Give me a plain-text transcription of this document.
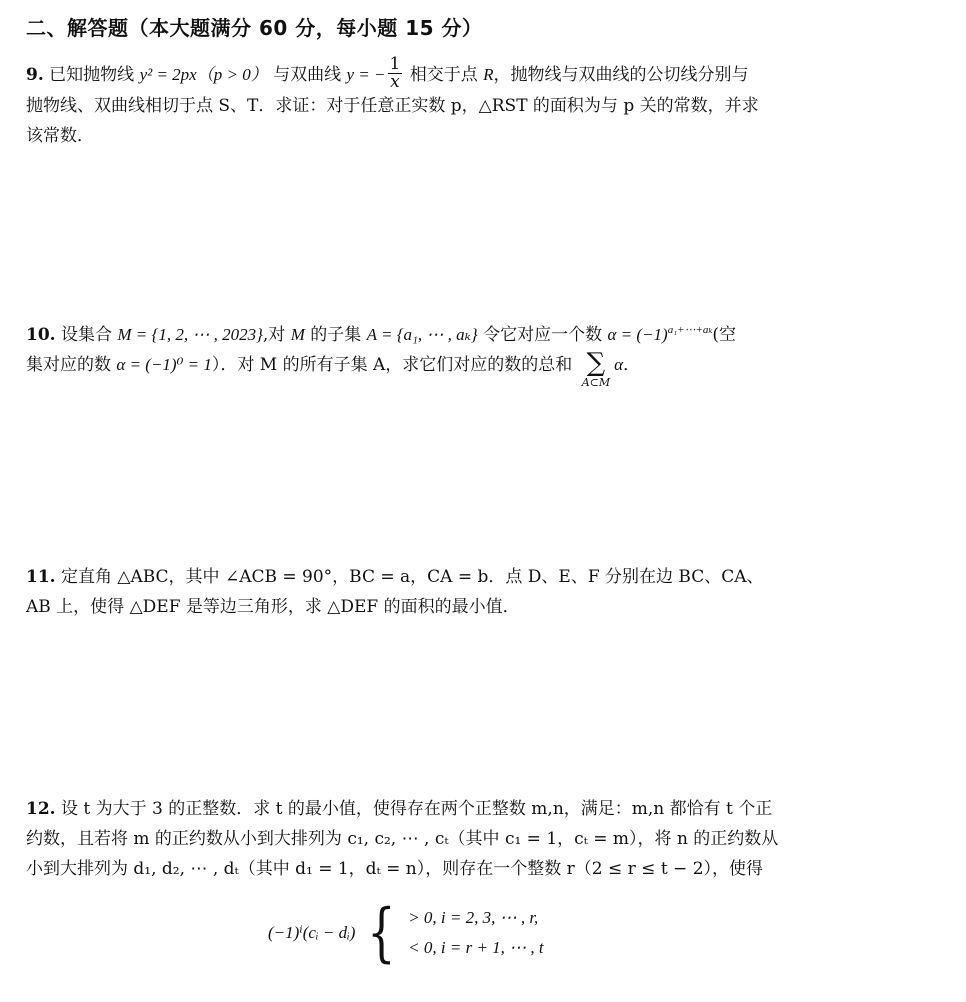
二、解答题（本大题满分 60 分，每小题 15 分）
9. 已知抛物线 y² = 2px（p > 0） 与双曲线 y = − $\frac{1}{x}$ 相交于点 R，抛物线与双曲线的公切线分别与
抛物线、双曲线相切于点 S、T．求证：对于任意正实数 p，△RST 的面积为与 p 关的常数，并求
该常数．
10. 设集合 M = {1, 2, ⋯ , 2023},对 M 的子集 A = {a₁, ⋯ , aₖ} 令它对应一个数 $\alpha = (-1)^{a_1+\cdots+a_k}$(空
集对应的数 α = (−1)⁰ = 1）．对 M 的所有子集 A，求它们对应的数的总和 ∑
A⊂M
α．
11. 定直角 △ABC，其中 ∠ACB = 90°，BC = a，CA = b．点 D、E、F 分别在边 BC、CA、
AB 上，使得 △DEF 是等边三角形，求 △DEF 的面积的最小值．
12. 设 t 为大于 3 的正整数．求 t 的最小值，使得存在两个正整数 m,n，满足：m,n 都恰有 t 个正
约数，且若将 m 的正约数从小到大排列为 c₁, c₂, ⋯ , cₜ（其中 c₁ = 1，cₜ = m），将 n 的正约数从
小到大排列为 d₁, d₂, ⋯ , dₜ（其中 d₁ = 1，dₜ = n），则存在一个整数 r（2 ≤ r ≤ t − 2），使得
(−1)ⁱ(cᵢ − dᵢ) { > 0, i = 2, 3, ⋯ , r,
< 0, i = r + 1, ⋯ , t
